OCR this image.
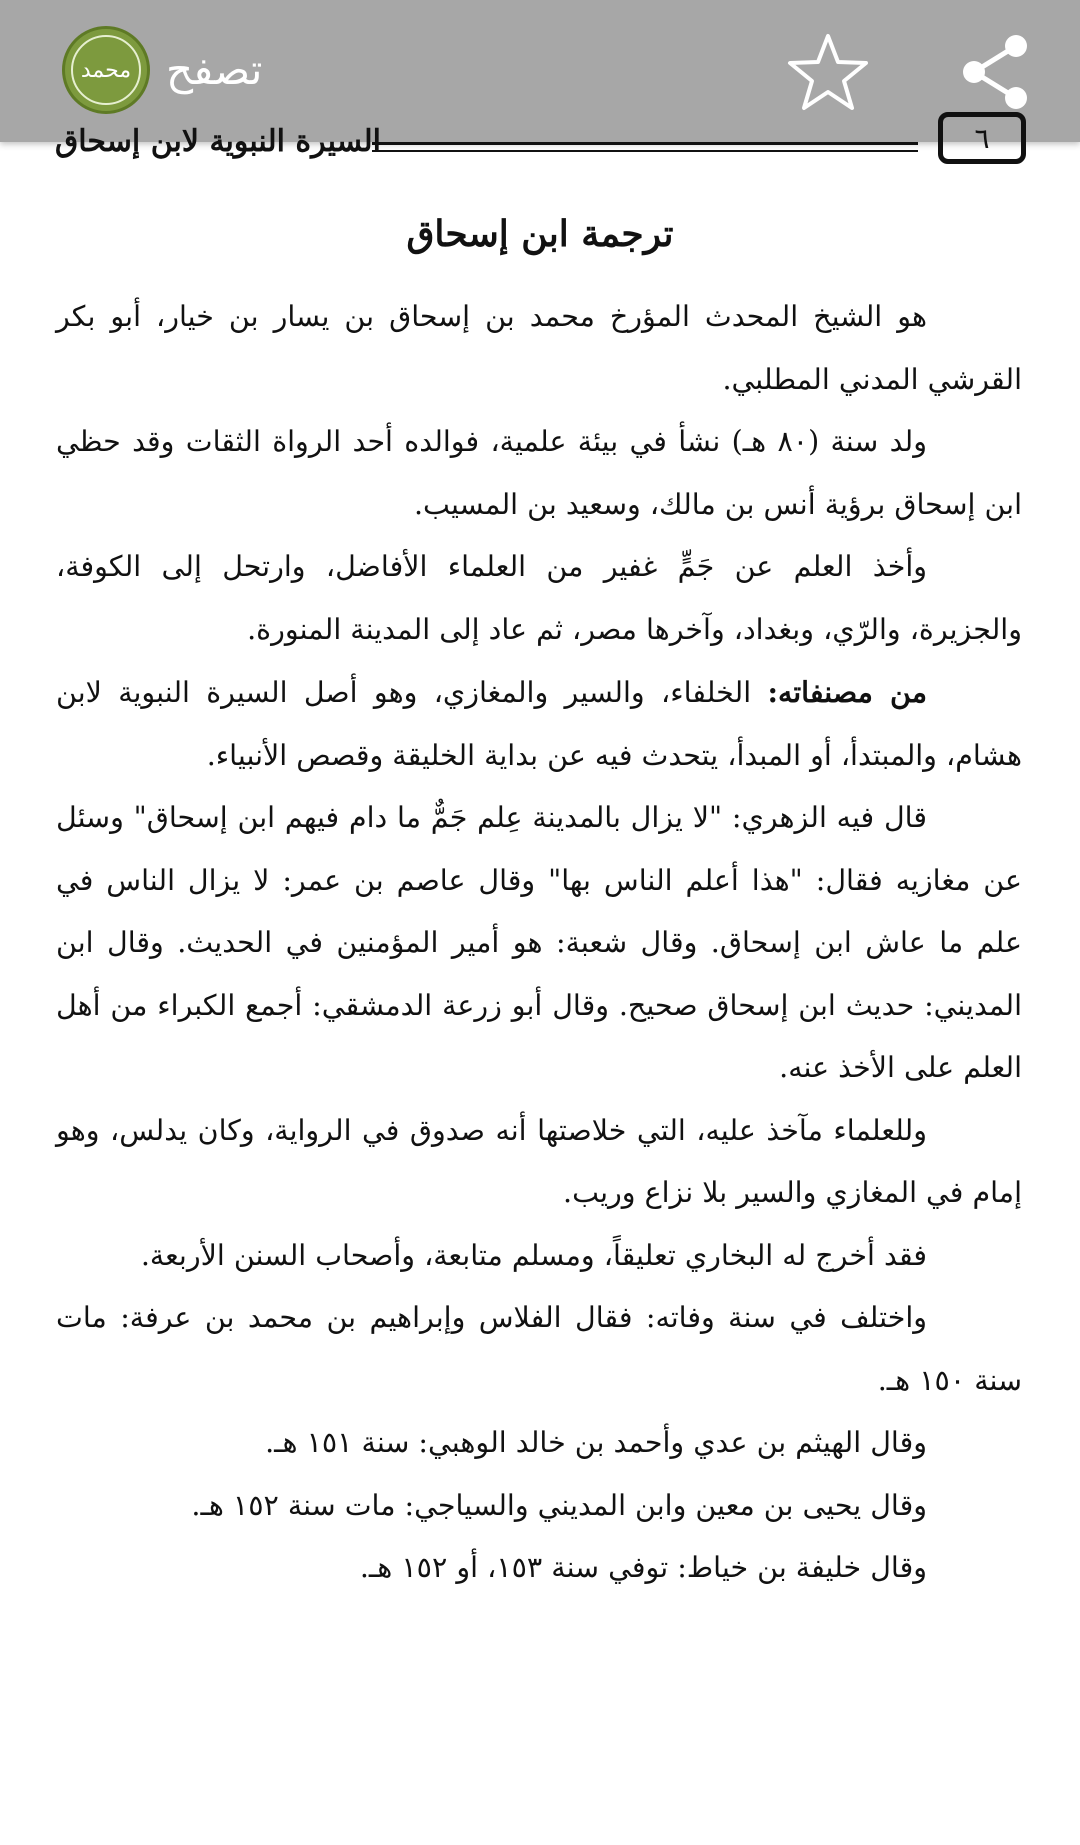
محمد تصفح
السيرة النبوية لابن إسحاق	٦
ترجمة ابن إسحاق

هو الشيخ المحدث المؤرخ محمد بن إسحاق بن يسار بن خيار، أبو بكر القرشي المدني المطلبي.

ولد سنة (٨٠ هـ) نشأ في بيئة علمية، فوالده أحد الرواة الثقات وقد حظي ابن إسحاق برؤية أنس بن مالك، وسعيد بن المسيب.

وأخذ العلم عن جَمٍّ غفير من العلماء الأفاضل، وارتحل إلى الكوفة، والجزيرة، والرّي، وبغداد، وآخرها مصر، ثم عاد إلى المدينة المنورة.

من مصنفاته: الخلفاء، والسير والمغازي، وهو أصل السيرة النبوية لابن هشام، والمبتدأ، أو المبدأ، يتحدث فيه عن بداية الخليقة وقصص الأنبياء.

قال فيه الزهري: "لا يزال بالمدينة عِلم جَمٌّ ما دام فيهم ابن إسحاق" وسئل عن مغازيه فقال: "هذا أعلم الناس بها" وقال عاصم بن عمر: لا يزال الناس في علم ما عاش ابن إسحاق. وقال شعبة: هو أمير المؤمنين في الحديث. وقال ابن المديني: حديث ابن إسحاق صحيح. وقال أبو زرعة الدمشقي: أجمع الكبراء من أهل العلم على الأخذ عنه.

وللعلماء مآخذ عليه، التي خلاصتها أنه صدوق في الرواية، وكان يدلس، وهو إمام في المغازي والسير بلا نزاع وريب.

فقد أخرج له البخاري تعليقاً، ومسلم متابعة، وأصحاب السنن الأربعة.

واختلف في سنة وفاته: فقال الفلاس وإبراهيم بن محمد بن عرفة: مات سنة ١٥٠ هـ.

وقال الهيثم بن عدي وأحمد بن خالد الوهبي: سنة ١٥١ هـ.

وقال يحيى بن معين وابن المديني والسياجي: مات سنة ١٥٢ هـ.

وقال خليفة بن خياط: توفي سنة ١٥٣، أو ١٥٢ هـ.
